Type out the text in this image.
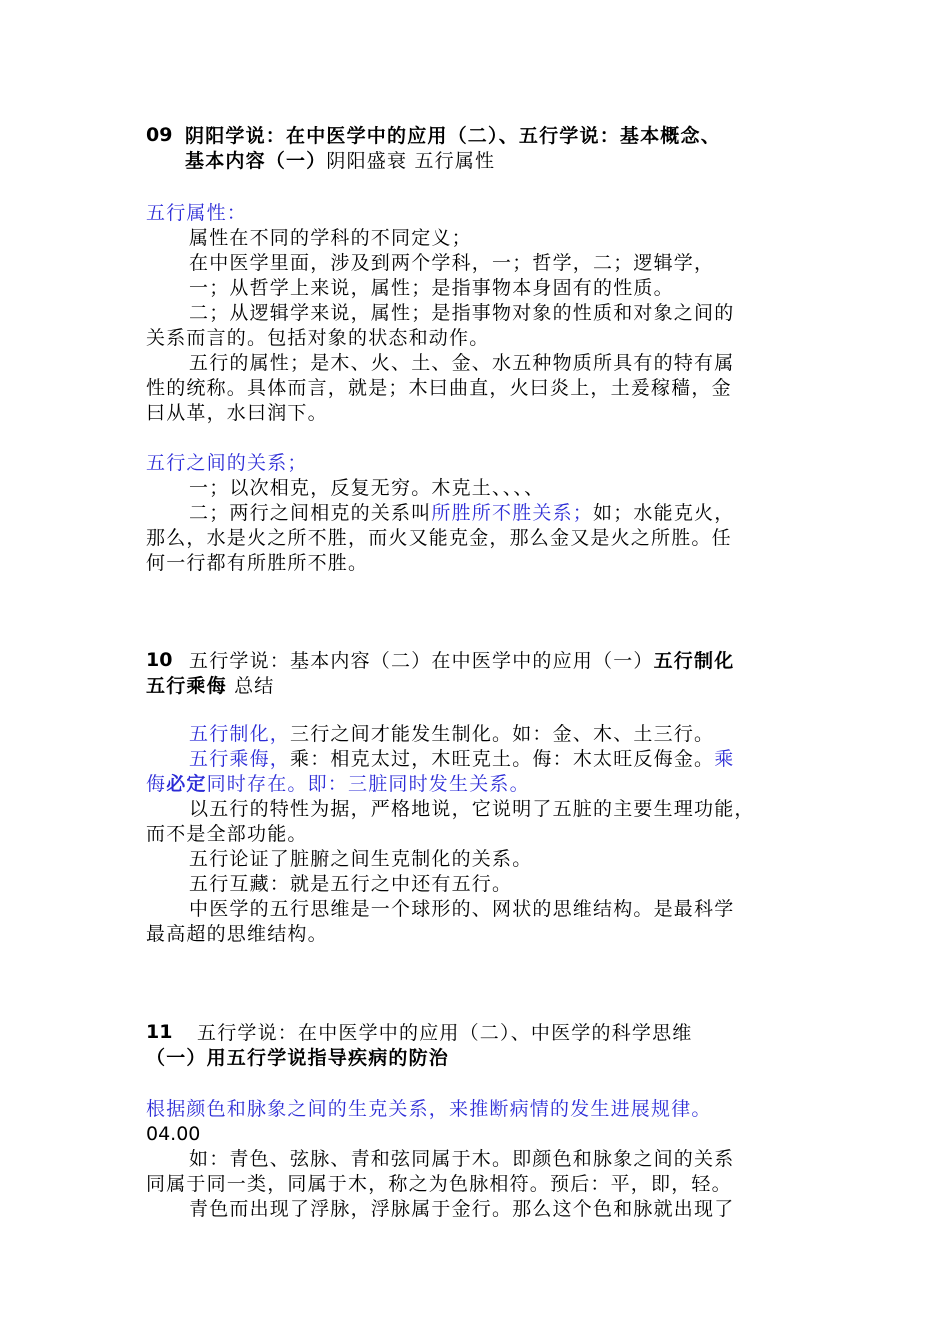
09 阴阳学说：在中医学中的应用（二）、五行学说：基本概念、
基本内容（一）阴阳盛衰 五行属性
五行属性：
属性在不同的学科的不同定义；
在中医学里面，涉及到两个学科，一；哲学，二；逻辑学，
一；从哲学上来说，属性；是指事物本身固有的性质。
二；从逻辑学来说，属性；是指事物对象的性质和对象之间的
关系而言的。包括对象的状态和动作。
五行的属性；是木、火、土、金、水五种物质所具有的特有属
性的统称。具体而言，就是；木曰曲直，火曰炎上，土爰稼穑，金
曰从革，水曰润下。
五行之间的关系；
一；以次相克，反复无穷。木克土、、、、
二；两行之间相克的关系叫所胜所不胜关系；如；水能克火，
那么，水是火之所不胜，而火又能克金，那么金又是火之所胜。任
何一行都有所胜所不胜。
10 五行学说：基本内容（二）在中医学中的应用（一）五行制化
五行乘侮 总结
五行制化，三行之间才能发生制化。如：金、木、土三行。
五行乘侮，乘：相克太过，木旺克土。侮：木太旺反侮金。乘
侮必定同时存在。即：三脏同时发生关系。
以五行的特性为据，严格地说，它说明了五脏的主要生理功能，
而不是全部功能。
五行论证了脏腑之间生克制化的关系。
五行互藏：就是五行之中还有五行。
中医学的五行思维是一个球形的、网状的思维结构。是最科学
最高超的思维结构。
11 五行学说：在中医学中的应用（二）、中医学的科学思维
（一）用五行学说指导疾病的防治
根据颜色和脉象之间的生克关系，来推断病情的发生进展规律。
04.00
如：青色、弦脉、青和弦同属于木。即颜色和脉象之间的关系
同属于同一类，同属于木，称之为色脉相符。预后：平，即，轻。
青色而出现了浮脉，浮脉属于金行。那么这个色和脉就出现了
